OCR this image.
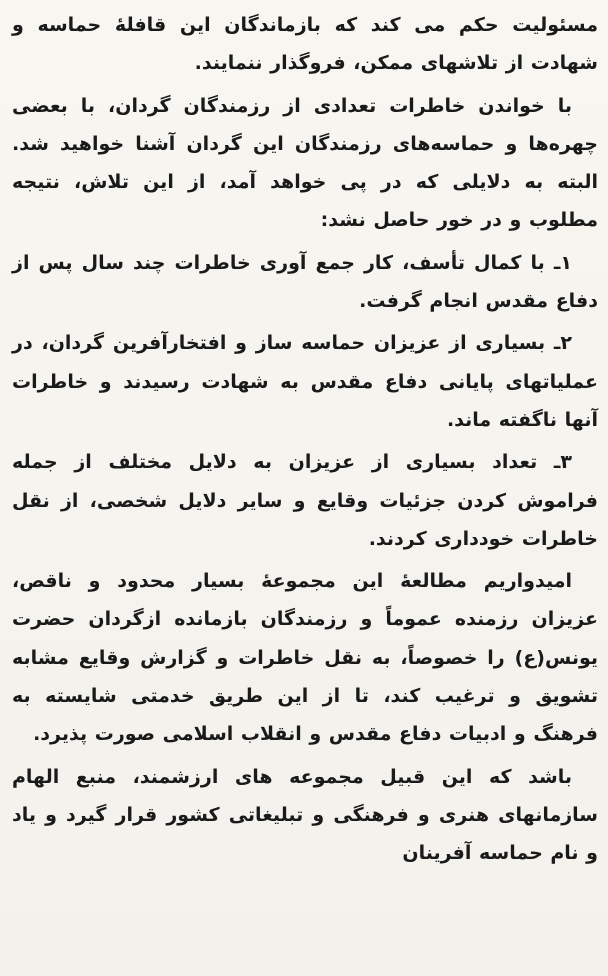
مسئولیت حکم می کند که بازماندگان این قافلهٔ حماسه و شهادت از تلاشهای ممکن، فروگذار ننمایند.

با خواندن خاطرات تعدادی از رزمندگان گردان، با بعضی چهره‌ها و حماسه‌های رزمندگان این گردان آشنا خواهید شد. البته به دلایلی که در پی خواهد آمد، از این تلاش، نتیجه مطلوب و در خور حاصل نشد:

۱ـ با کمال تأسف، کار جمع آوری خاطرات چند سال پس از دفاع مقدس انجام گرفت.

۲ـ بسیاری از عزیزان حماسه ساز و افتخارآفرین گردان، در عملیاتهای پایانی دفاع مقدس به شهادت رسیدند و خاطرات آنها ناگفته ماند.

۳ـ تعداد بسیاری از عزیزان به دلایل مختلف از جمله فراموش کردن جزئیات وقایع و سایر دلایل شخصی، از نقل خاطرات خودداری کردند.

امیدواریم مطالعهٔ این مجموعهٔ بسیار محدود و ناقص، عزیزان رزمنده عموماً و رزمندگان بازمانده ازگردان حضرت یونس(ع) را خصوصاً، به نقل خاطرات و گزارش وقایع مشابه تشویق و ترغیب کند، تا از این طریق خدمتی شایسته به فرهنگ و ادبیات دفاع مقدس و انقلاب اسلامی صورت پذیرد.

باشد که این قبیل مجموعه های ارزشمند، منبع الهام سازمانهای هنری و فرهنگی و تبلیغاتی کشور قرار گیرد و یاد و نام حماسه آفرینان
